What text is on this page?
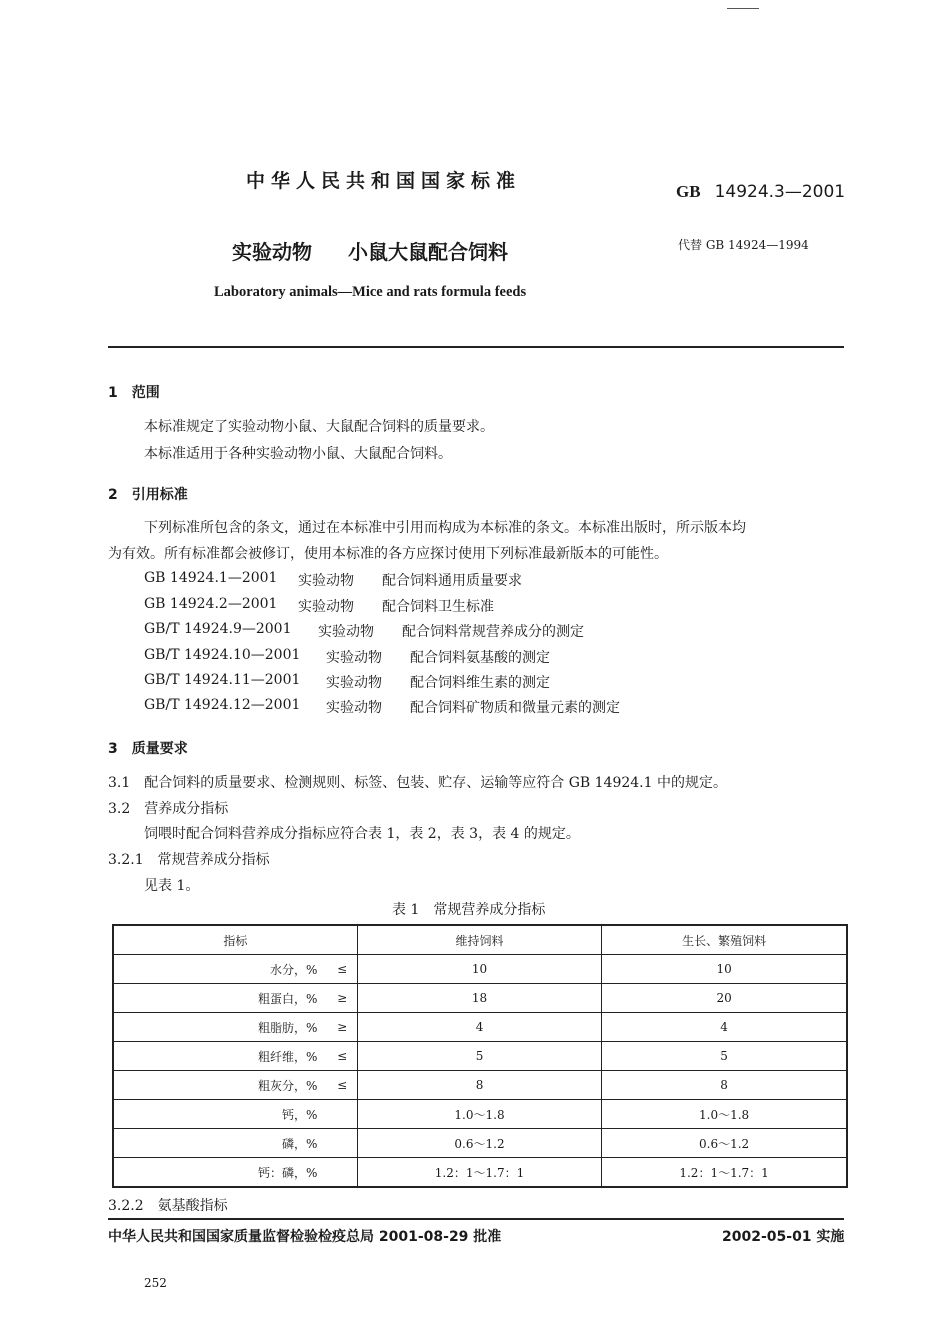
中华人民共和国国家标准	GB 14924.3—2001
实验动物 小鼠大鼠配合饲料	代替 GB 14924—1994
Laboratory animals—Mice and rats formula feeds
1　范围
本标准规定了实验动物小鼠、大鼠配合饲料的质量要求。
本标准适用于各种实验动物小鼠、大鼠配合饲料。
2　引用标准
下列标准所包含的条文，通过在本标准中引用而构成为本标准的条文。本标准出版时，所示版本均
为有效。所有标准都会被修订，使用本标准的各方应探讨使用下列标准最新版本的可能性。
GB 14924.1—2001 实验动物 配合饲料通用质量要求
GB 14924.2—2001 实验动物 配合饲料卫生标准
GB/T 14924.9—2001 实验动物 配合饲料常规营养成分的测定
GB/T 14924.10—2001 实验动物 配合饲料氨基酸的测定
GB/T 14924.11—2001 实验动物 配合饲料维生素的测定
GB/T 14924.12—2001 实验动物 配合饲料矿物质和微量元素的测定
3　质量要求
3.1　配合饲料的质量要求、检测规则、标签、包装、贮存、运输等应符合 GB 14924.1 中的规定。
3.2　营养成分指标
饲喂时配合饲料营养成分指标应符合表 1，表 2，表 3，表 4 的规定。
3.2.1　常规营养成分指标
见表 1。
表 1　常规营养成分指标
指标		维持饲料	生长、繁殖饲料
水分，%	≤	10	10
粗蛋白，%	≥	18	20
粗脂肪，%	≥	4	4
粗纤维，%	≤	5	5
粗灰分，%	≤	8	8
钙，%		1.0～1.8	1.0～1.8
磷，%		0.6～1.2	0.6～1.2
钙：磷，%		1.2：1～1.7：1	1.2：1～1.7：1
3.2.2　氨基酸指标
中华人民共和国国家质量监督检验检疫总局 2001-08-29 批准	2002-05-01 实施
252
